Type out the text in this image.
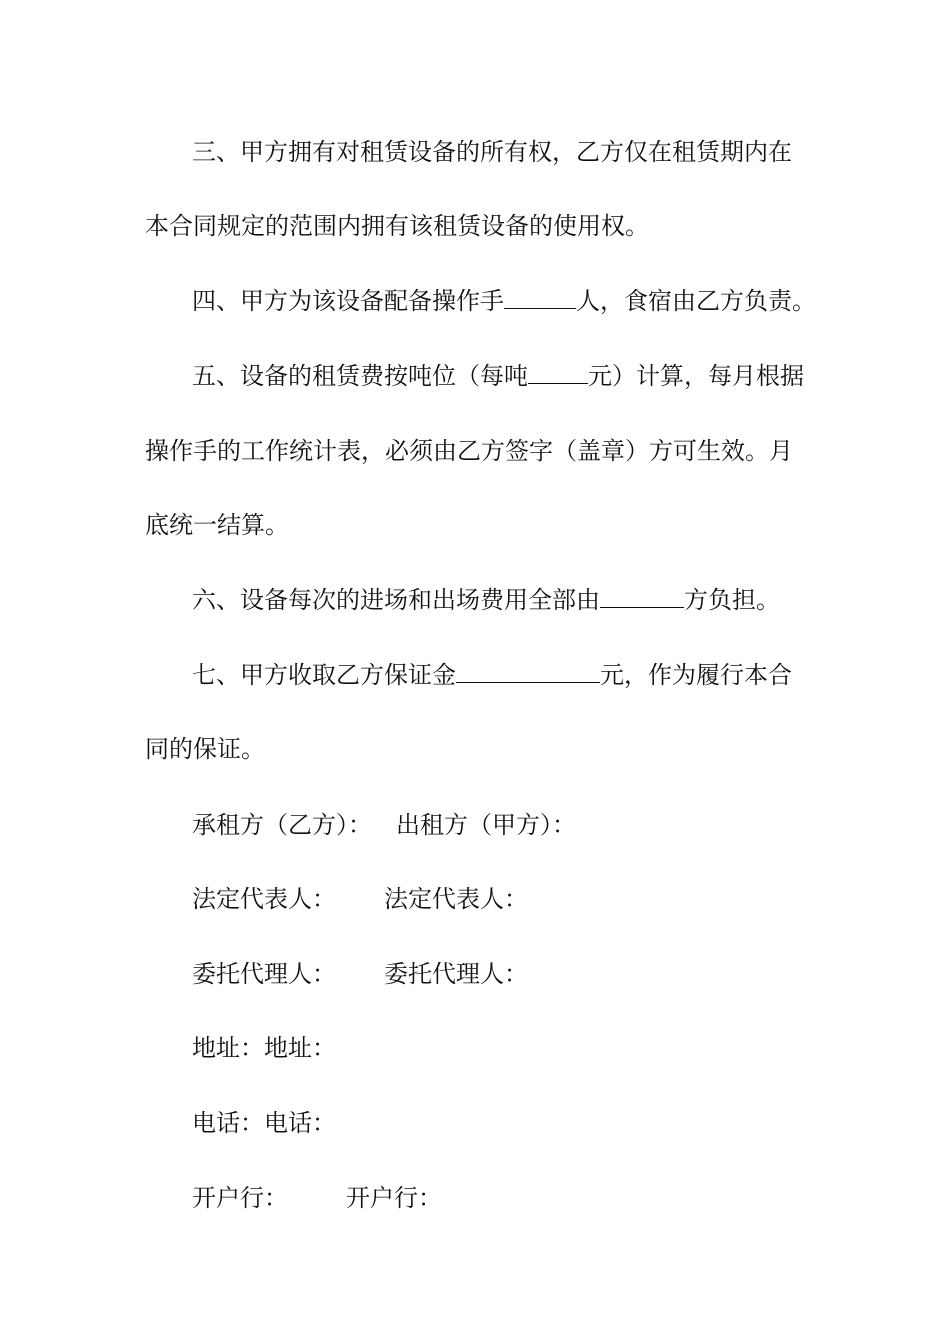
三、甲方拥有对租赁设备的所有权，乙方仅在租赁期内在
本合同规定的范围内拥有该租赁设备的使用权。
四、甲方为该设备配备操作手	人，食宿由乙方负责。
五、设备的租赁费按吨位（每吨	元）计算，每月根据
操作手的工作统计表，必须由乙方签字（盖章）方可生效。月
底统一结算。
六、设备每次的进场和出场费用全部由	方负担。
七、甲方收取乙方保证金	元，作为履行本合
同的保证。
承租方（乙方）： 出租方（甲方）：
法定代表人： 法定代表人：
委托代理人： 委托代理人：
地址：地址：
电话：电话：
开户行： 开户行：
